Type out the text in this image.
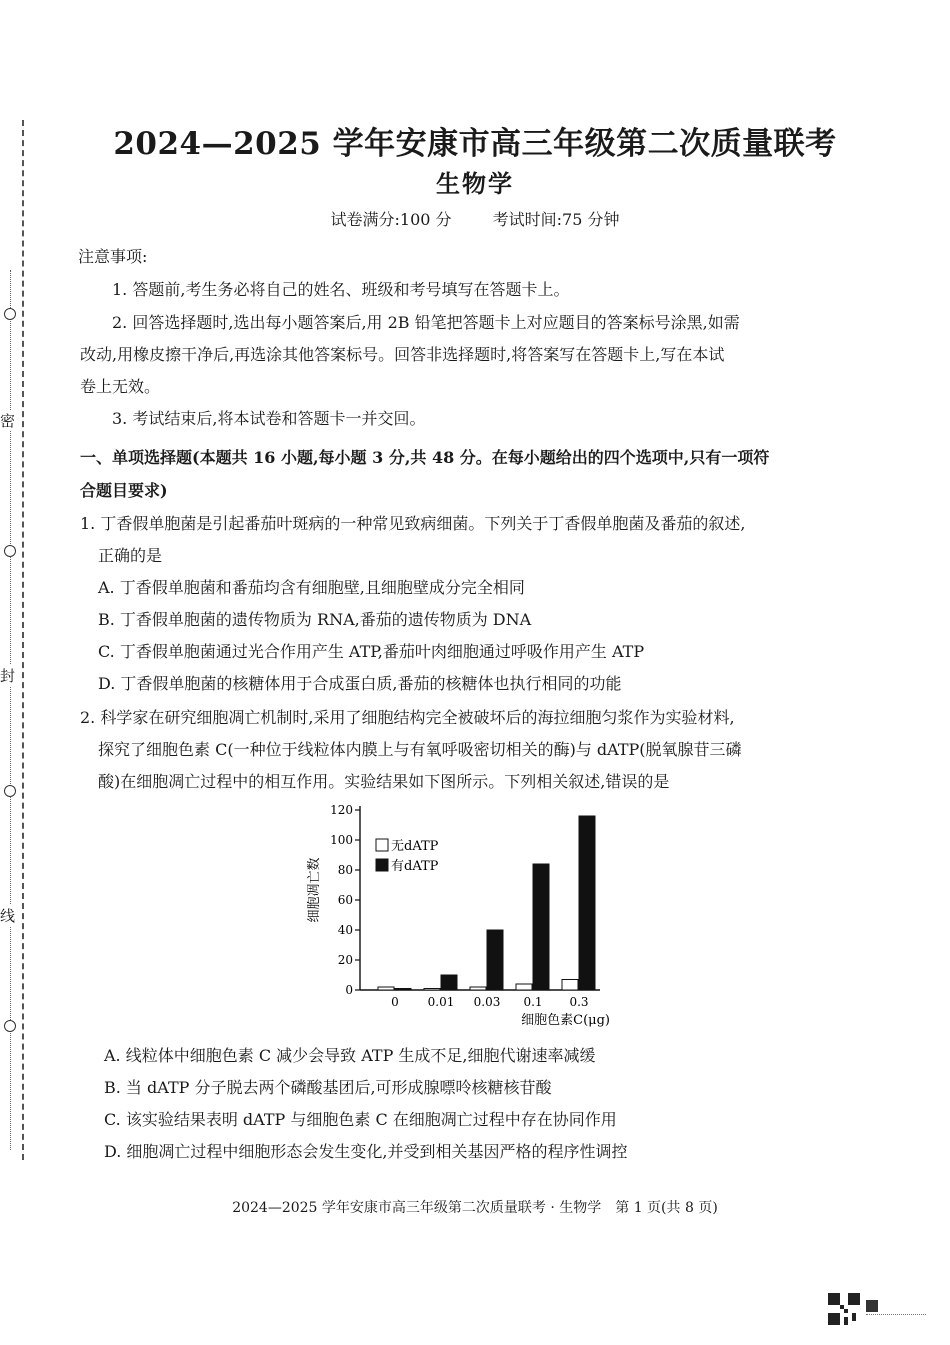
密
封
线
2024—2025 学年安康市高三年级第二次质量联考
生物学
试卷满分:100 分	考试时间:75 分钟
注意事项:
1. 答题前,考生务必将自己的姓名、班级和考号填写在答题卡上。
2. 回答选择题时,选出每小题答案后,用 2B 铅笔把答题卡上对应题目的答案标号涂黑,如需
改动,用橡皮擦干净后,再选涂其他答案标号。回答非选择题时,将答案写在答题卡上,写在本试
卷上无效。
3. 考试结束后,将本试卷和答题卡一并交回。
一、单项选择题(本题共 16 小题,每小题 3 分,共 48 分。在每小题给出的四个选项中,只有一项符
合题目要求)
1. 丁香假单胞菌是引起番茄叶斑病的一种常见致病细菌。下列关于丁香假单胞菌及番茄的叙述,
正确的是
A. 丁香假单胞菌和番茄均含有细胞壁,且细胞壁成分完全相同
B. 丁香假单胞菌的遗传物质为 RNA,番茄的遗传物质为 DNA
C. 丁香假单胞菌通过光合作用产生 ATP,番茄叶肉细胞通过呼吸作用产生 ATP
D. 丁香假单胞菌的核糖体用于合成蛋白质,番茄的核糖体也执行相同的功能
2. 科学家在研究细胞凋亡机制时,采用了细胞结构完全被破坏后的海拉细胞匀浆作为实验材料,
探究了细胞色素 C(一种位于线粒体内膜上与有氧呼吸密切相关的酶)与 dATP(脱氧腺苷三磷
酸)在细胞凋亡过程中的相互作用。实验结果如下图所示。下列相关叙述,错误的是
0
20
40
60
80
100
120
0 0.01 0.03 0.1 0.3
细胞色素C(μg)
细胞凋亡数
无dATP
有dATP
A. 线粒体中细胞色素 C 减少会导致 ATP 生成不足,细胞代谢速率减缓
B. 当 dATP 分子脱去两个磷酸基团后,可形成腺嘌呤核糖核苷酸
C. 该实验结果表明 dATP 与细胞色素 C 在细胞凋亡过程中存在协同作用
D. 细胞凋亡过程中细胞形态会发生变化,并受到相关基因严格的程序性调控
2024—2025 学年安康市高三年级第二次质量联考 · 生物学　第 1 页(共 8 页)
